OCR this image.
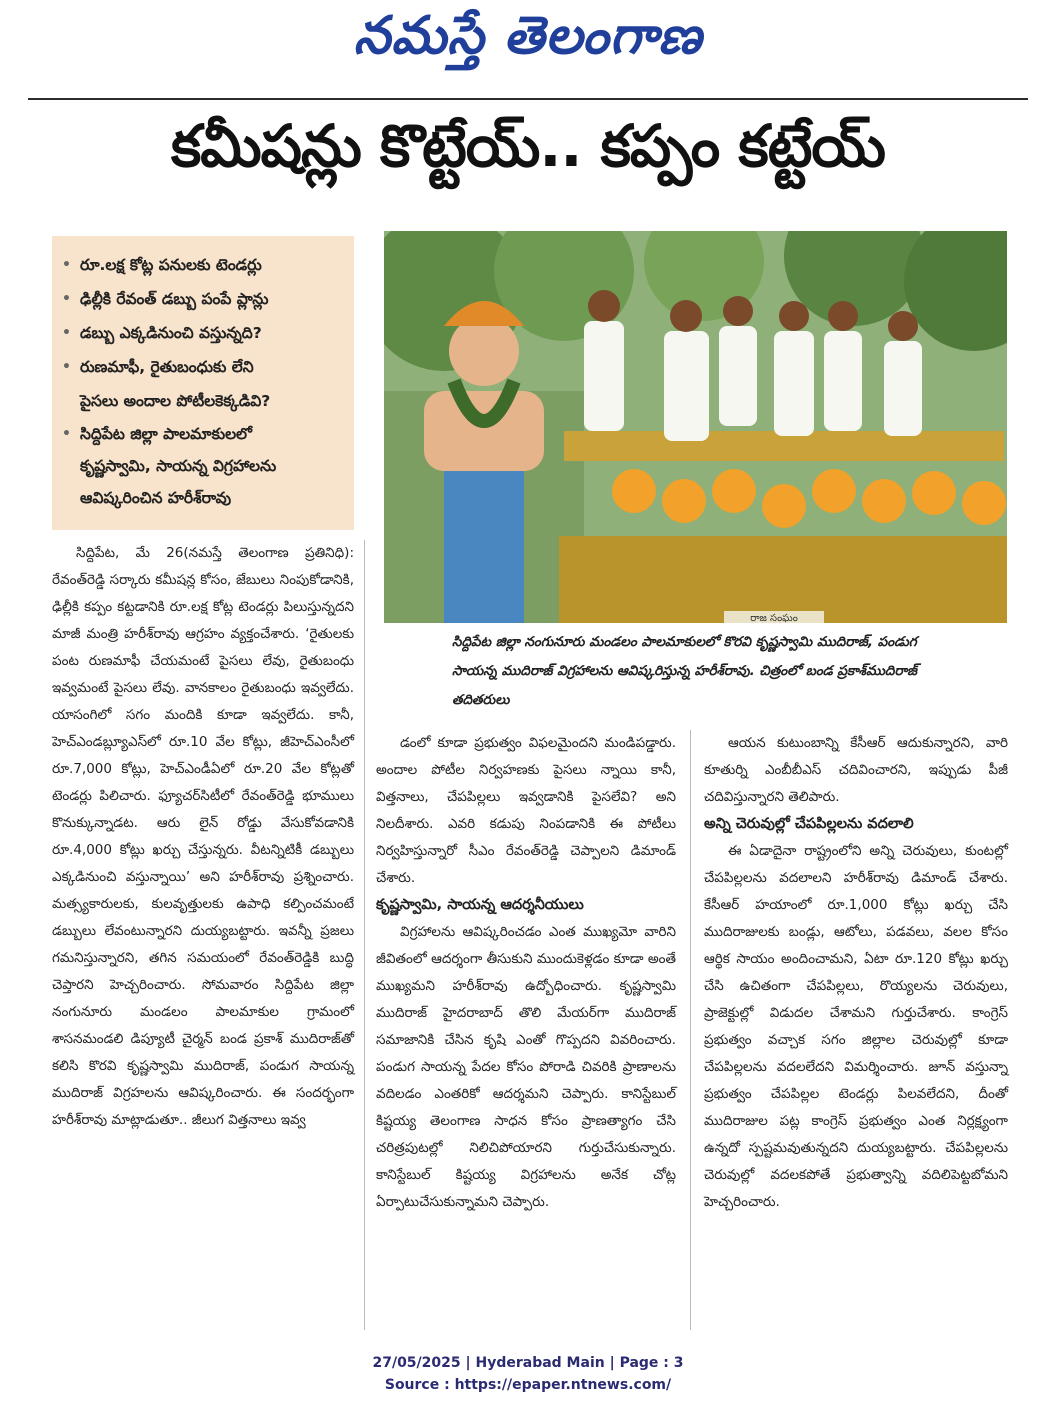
నమస్తే తెలంగాణ
కమీషన్లు కొట్టేయ్‌.. కప్పం కట్టేయ్‌
• రూ.లక్ష కోట్ల పనులకు టెండర్లు
• ఢిల్లీకి రేవంత్‌ డబ్బు పంపే ప్లాన్లు
• డబ్బు ఎక్కడినుంచి వస్తున్నది?
• రుణమాఫీ, రైతుబంధుకు లేని
పైసలు అందాల పోటీలకెక్కడివి?
• సిద్దిపేట జిల్లా పాలమాకులలో
కృష్ణస్వామి, సాయన్న విగ్రహాలను ఆవిష్కరించిన హరీశ్‌రావు
రాజ సంఘం
సిద్దిపేట జిల్లా నంగునూరు మండలం పాలమాకులలో కొరవి కృష్ణస్వామి ముదిరాజ్‌, పండుగ సాయన్న ముదిరాజ్‌ విగ్రహాలను ఆవిష్కరిస్తున్న హరీశ్‌రావు. చిత్రంలో బండ ప్రకాశ్‌ముదిరాజ్‌ తదితరులు

సిద్దిపేట, మే 26(నమస్తే తెలంగాణ ప్రతినిధి): రేవంత్‌రెడ్డి సర్కారు కమీషన్ల కోసం, జేబులు నింపుకోడానికి, ఢిల్లీకి కప్పం కట్టడానికి రూ.లక్ష కోట్ల టెండర్లు పిలుస్తున్నదని మాజీ మంత్రి హరీశ్‌రావు ఆగ్రహం వ్యక్తంచేశారు. ‘రైతులకు పంట రుణమాఫీ చేయమంటే పైసలు లేవు, రైతుబంధు ఇవ్వమంటే పైసలు లేవు. వానకాలం రైతుబంధు ఇవ్వలేదు. యాసంగిలో సగం మందికి కూడా ఇవ్వలేదు. కానీ, హెచ్‌ఎండబ్ల్యూఎస్‌లో రూ.10 వేల కోట్లు, జీహెచ్‌ఎంసీలో రూ.7,000 కోట్లు, హెచ్‌ఎండీఏలో రూ.20 వేల కోట్లతో టెండర్లు పిలిచారు. ఫ్యూచర్‌సిటీలో రేవంత్‌రెడ్డి భూములు కొనుక్కున్నాడట. ఆరు లైన్‌ రోడ్డు వేసుకోవడానికి రూ.4,000 కోట్లు ఖర్చు చేస్తున్నరు. వీటన్నిటికీ డబ్బులు ఎక్కడినుంచి వస్తున్నాయి’ అని హరీశ్‌రావు ప్రశ్నించారు. మత్స్యకారులకు, కులవృత్తులకు ఉపాధి కల్పించమంటే డబ్బులు లేవంటున్నారని దుయ్యబట్టారు. ఇవన్నీ ప్రజలు గమనిస్తున్నారని, తగిన సమయంలో రేవంత్‌రెడ్డికి బుద్ధి చెప్తారని హెచ్చరించారు. సోమవారం సిద్దిపేట జిల్లా నంగునూరు మండలం పాలమాకుల గ్రామంలో శాసనమండలి డిప్యూటీ చైర్మన్‌ బండ ప్రకాశ్‌ ముదిరాజ్‌తో కలిసి కొరవి కృష్ణస్వామి ముదిరాజ్‌, పండుగ సాయన్న ముదిరాజ్‌ విగ్రహలను ఆవిష్కరించారు. ఈ సందర్భంగా హరీశ్‌రావు మాట్లాడుతూ.. జీలుగ విత్తనాలు ఇవ్వ

డంలో కూడా ప్రభుత్వం విఫలమైందని మండిపడ్డారు. అందాల పోటీల నిర్వహణకు పైసలు న్నాయి కానీ, విత్తనాలు, చేపపిల్లలు ఇవ్వడానికి పైసలేవి? అని నిలదీశారు. ఎవరి కడుపు నింపడానికి ఈ పోటీలు నిర్వహిస్తున్నారో సీఎం రేవంత్‌రెడ్డి చెప్పాలని డిమాండ్‌ చేశారు.

కృష్ణస్వామి, సాయన్న ఆదర్శనీయులు

విగ్రహాలను ఆవిష్కరించడం ఎంత ముఖ్యమో వారిని జీవితంలో ఆదర్శంగా తీసుకుని ముందుకెళ్లడం కూడా అంతే ముఖ్యమని హరీశ్‌రావు ఉద్బోధించారు. కృష్ణస్వామి ముదిరాజ్‌ హైదరాబాద్‌ తొలి మేయర్‌గా ముదిరాజ్‌ సమాజానికి చేసిన కృషి ఎంతో గొప్పదని వివరించారు. పండుగ సాయన్న పేదల కోసం పోరాడి చివరికి ప్రాణాలను వదిలడం ఎంతరికో ఆదర్శమని చెప్పారు. కానిస్టేబుల్‌ కిష్టయ్య తెలంగాణ సాధన కోసం ప్రాణత్యాగం చేసి చరిత్రపుటల్లో నిలిచిపోయారని గుర్తుచేసుకున్నారు. కానిస్టేబుల్‌ కిష్టయ్య విగ్రహాలను అనేక చోట్ల ఏర్పాటుచేసుకున్నామని చెప్పారు.

ఆయన కుటుంబాన్ని కేసీఆర్‌ ఆదుకున్నారని, వారి కూతుర్ని ఎంబీబీఎస్‌ చదివించారని, ఇప్పుడు పీజీ చదివిస్తున్నారని తెలిపారు.

అన్ని చెరువుల్లో చేపపిల్లలను వదలాలి

ఈ ఏడాదైనా రాష్ట్రంలోని అన్ని చెరువులు, కుంటల్లో చేపపిల్లలను వదలాలని హరీశ్‌రావు డిమాండ్‌ చేశారు. కేసీఆర్‌ హయాంలో రూ.1,000 కోట్లు ఖర్చు చేసి ముదిరాజులకు బండ్లు, ఆటోలు, పడవలు, వలల కోసం ఆర్థిక సాయం అందించామని, ఏటా రూ.120 కోట్లు ఖర్చు చేసి ఉచితంగా చేపపిల్లలు, రొయ్యలను చెరువులు, ప్రాజెక్టుల్లో విడుదల చేశామని గుర్తుచేశారు. కాంగ్రెస్‌ ప్రభుత్వం వచ్చాక సగం జిల్లాల చెరువుల్లో కూడా చేపపిల్లలను వదలలేదని విమర్శించారు. జూన్‌ వస్తున్నా ప్రభుత్వం చేపపిల్లల టెండర్లు పిలవలేదని, దీంతో ముదిరాజుల పట్ల కాంగ్రెస్‌ ప్రభుత్వం ఎంత నిర్లక్ష్యంగా ఉన్నదో స్పష్టమవుతున్నదని దుయ్యబట్టారు. చేపపిల్లలను చెరువుల్లో వదలకపోతే ప్రభుత్వాన్ని వదిలిపెట్టబోమని హెచ్చరించారు.

27/05/2025 | Hyderabad Main | Page : 3
Source : https://epaper.ntnews.com/
